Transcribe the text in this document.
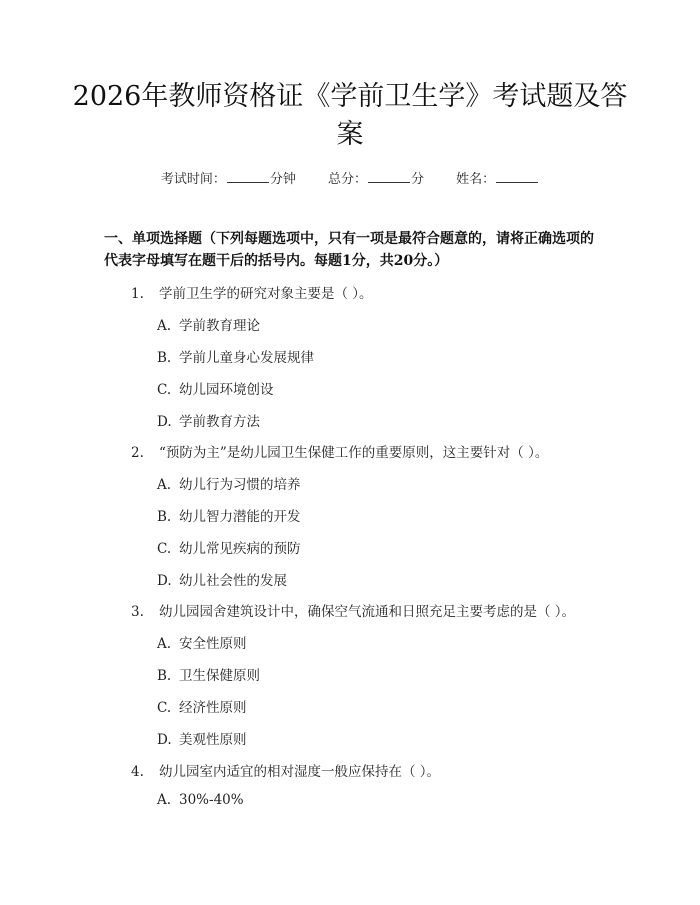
2026年教师资格证《学前卫生学》考试题及答案
考试时间：	分钟 总分：	分 姓名：
一、单项选择题（下列每题选项中，只有一项是最符合题意的，请将正确选项的代表字母填写在题干后的括号内。每题1分，共20分。）
1. 学前卫生学的研究对象主要是（ ）。
A. 学前教育理论
B. 学前儿童身心发展规律
C. 幼儿园环境创设
D. 学前教育方法
2. “预防为主”是幼儿园卫生保健工作的重要原则，这主要针对（ ）。
A. 幼儿行为习惯的培养
B. 幼儿智力潜能的开发
C. 幼儿常见疾病的预防
D. 幼儿社会性的发展
3. 幼儿园园舍建筑设计中，确保空气流通和日照充足主要考虑的是（ ）。
A. 安全性原则
B. 卫生保健原则
C. 经济性原则
D. 美观性原则
4. 幼儿园室内适宜的相对湿度一般应保持在（ ）。
A. 30%-40%
